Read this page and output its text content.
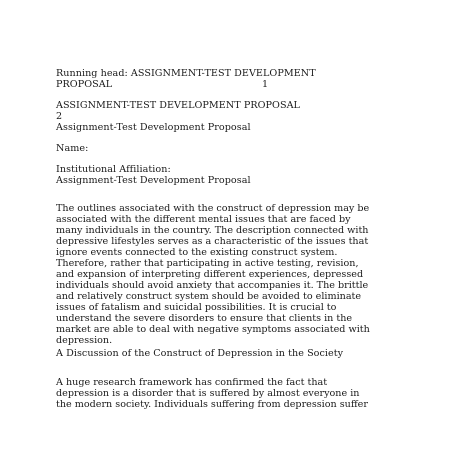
Running head: ASSIGNMENT-TEST DEVELOPMENT
PROPOSAL	1
ASSIGNMENT-TEST DEVELOPMENT PROPOSAL
2
Assignment-Test Development Proposal
Name:
Institutional Affiliation:
Assignment-Test Development Proposal
The outlines associated with the construct of depression may be
associated with the different mental issues that are faced by
many individuals in the country. The description connected with
depressive lifestyles serves as a characteristic of the issues that
ignore events connected to the existing construct system.
Therefore, rather that participating in active testing, revision,
and expansion of interpreting different experiences, depressed
individuals should avoid anxiety that accompanies it. The brittle
and relatively construct system should be avoided to eliminate
issues of fatalism and suicidal possibilities. It is crucial to
understand the severe disorders to ensure that clients in the
market are able to deal with negative symptoms associated with
depression.
A Discussion of the Construct of Depression in the Society
A huge research framework has confirmed the fact that
depression is a disorder that is suffered by almost everyone in
the modern society. Individuals suffering from depression suffer
